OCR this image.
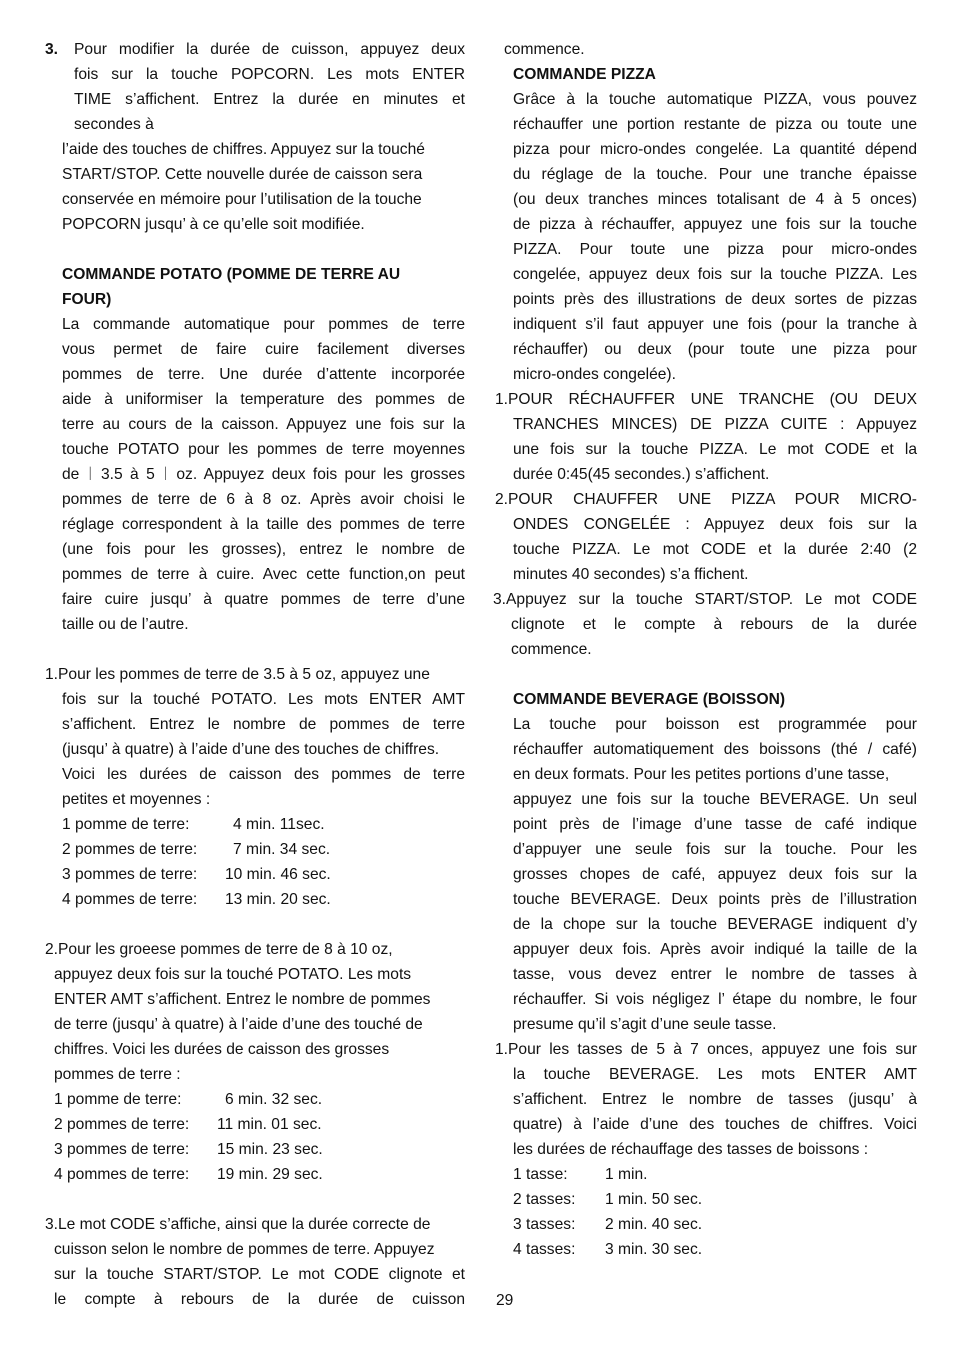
3.	Pour modifier la durée de cuisson, appuyez deux
fois sur la touche POPCORN. Les mots ENTER
TIME s’affichent. Entrez la durée en minutes et
secondes à
l’aide des touches de chiffres. Appuyez sur la touché
START/STOP. Cette nouvelle durée de caisson sera
conservée en mémoire pour l’utilisation de la touche
POPCORN jusqu’ à ce qu’elle soit modifiée.
COMMANDE POTATO (POMME DE TERRE AU
FOUR)
La commande automatique pour pommes de terre
vous permet de faire cuire facilement diverses
pommes de terre. Une durée d’attente incorporée
aide à uniformiser la temperature des pommes de
terre au cours de la caisson. Appuyez une fois sur la
touche POTATO pour les pommes de terre moyennes
de︱3.5 à 5︱oz. Appuyez deux fois pour les grosses
pommes de terre de 6 à 8 oz. Après avoir choisi le
réglage correspondent à la taille des pommes de terre
(une fois pour les grosses), entrez le nombre de
pommes de terre à cuire. Avec cette function,on peut
faire cuire jusqu’ à quatre pommes de terre d’une
taille ou de l’autre.
1.Pour les pommes de terre de 3.5 à 5 oz, appuyez une
fois sur la touché POTATO. Les mots ENTER AMT
s’affichent. Entrez le nombre de pommes de terre
(jusqu’ à quatre) à l’aide d’une des touches de chiffres.
Voici les durées de caisson des pommes de terre
petites et moyennes :
1 pomme de terre:	4 min. 11sec.
2 pommes de terre:	7 min. 34 sec.
3 pommes de terre:	10 min. 46 sec.
4 pommes de terre:	13 min. 20 sec.
2.Pour les groeese pommes de terre de 8 à 10 oz,
appuyez deux fois sur la touché POTATO. Les mots
ENTER AMT s’affichent. Entrez le nombre de pommes
de terre (jusqu’ à quatre) à l’aide d’une des touché de
chiffres. Voici les durées de caisson des grosses
pommes de terre :
1 pomme de terre:	6 min. 32 sec.
2 pommes de terre:	11 min. 01 sec.
3 pommes de terre:	15 min. 23 sec.
4 pommes de terre:	19 min. 29 sec.
3.Le mot CODE s’affiche, ainsi que la durée correcte de
cuisson selon le nombre de pommes de terre. Appuyez
sur la touche START/STOP. Le mot CODE clignote et
le compte à rebours de la durée de cuisson
commence.
COMMANDE PIZZA
Grâce à la touche automatique PIZZA, vous pouvez
réchauffer une portion restante de pizza ou toute une
pizza pour micro-ondes congelée. La quantité dépend
du réglage de la touche. Pour une tranche épaisse
(ou deux tranches minces totalisant de 4 à 5 onces)
de pizza à réchauffer, appuyez une fois sur la touche
PIZZA. Pour toute une pizza pour micro-ondes
congelée, appuyez deux fois sur la touche PIZZA. Les
points près des illustrations de deux sortes de pizzas
indiquent s’il faut appuyer une fois (pour la tranche à
réchauffer) ou deux (pour toute une pizza pour
micro-ondes congelée).
1.POUR RÉCHAUFFER UNE TRANCHE (OU DEUX
TRANCHES MINCES) DE PIZZA CUITE : Appuyez
une fois sur la touche PIZZA. Le mot CODE et la
durée 0:45(45 secondes.) s’affichent.
2.POUR CHAUFFER UNE PIZZA POUR MICRO-
ONDES CONGELÉE : Appuyez deux fois sur la
touche PIZZA. Le mot CODE et la durée 2:40 (2
minutes 40 secondes) s’a ffichent.
3.Appuyez sur la touche START/STOP. Le mot CODE
clignote et le compte à rebours de la durée
commence.
COMMANDE BEVERAGE (BOISSON)
La touche pour boisson est programmée pour
réchauffer automatiquement des boissons (thé / café)
en deux formats. Pour les petites portions d’une tasse,
appuyez une fois sur la touche BEVERAGE. Un seul
point près de l’image d’une tasse de café indique
d’appuyer une seule fois sur la touche. Pour les
grosses chopes de café, appuyez deux fois sur la
touche BEVERAGE. Deux points près de l’illustration
de la chope sur la touche BEVERAGE indiquent d’y
appuyer deux fois. Après avoir indiqué la taille de la
tasse, vous devez entrer le nombre de tasses à
réchauffer. Si vois négligez l’ étape du nombre, le four
presume qu’il s’agit d’une seule tasse.
1.Pour les tasses de 5 à 7 onces, appuyez une fois sur
la touche BEVERAGE. Les mots ENTER AMT
s’affichent. Entrez le nombre de tasses (jusqu’ à
quatre) à l’aide d’une des touches de chiffres. Voici
les durées de réchauffage des tasses de boissons :
1 tasse:	1 min.
2 tasses:	1 min. 50 sec.
3 tasses:	2 min. 40 sec.
4 tasses:	3 min. 30 sec.
29
